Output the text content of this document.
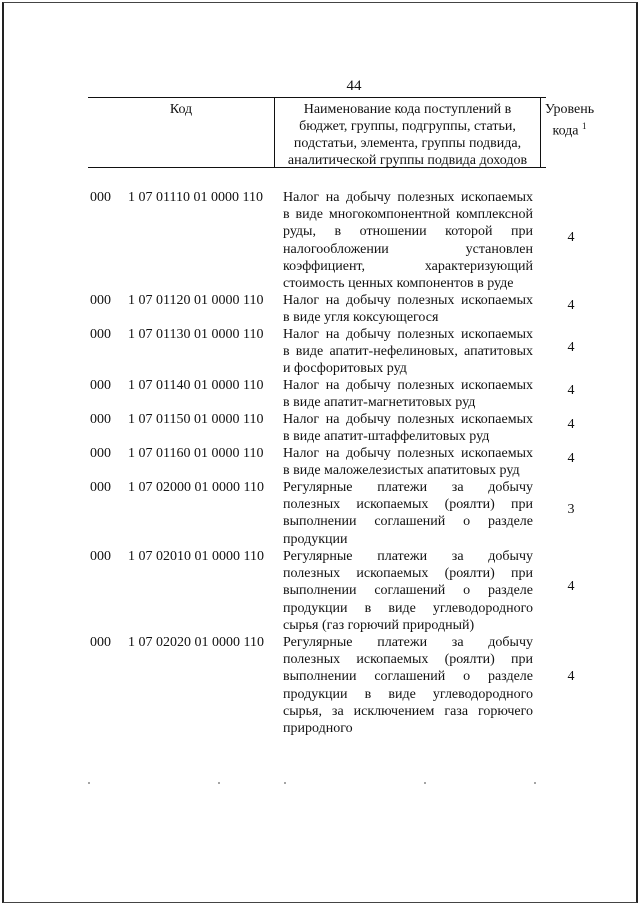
44
Код	Наименование кода поступлений в
бюджет, группы, подгруппы, статьи,
подстатьи, элемента, группы подвида,
аналитической группы подвида доходов
Уровень
кода $^1$
000 1 07 01110 01 0000 110 Налог на добычу полезных ископаемых
в виде многокомпонентной комплексной
руды, в отношении которой при
налогообложении установлен
коэффициент, характеризующий
стоимость ценных компонентов в руде
4
000 1 07 01120 01 0000 110 Налог на добычу полезных ископаемых
в виде угля коксующегося
4
000 1 07 01130 01 0000 110 Налог на добычу полезных ископаемых
в виде апатит-нефелиновых, апатитовых
и фосфоритовых руд
4
000 1 07 01140 01 0000 110 Налог на добычу полезных ископаемых
в виде апатит-магнетитовых руд
4
000 1 07 01150 01 0000 110 Налог на добычу полезных ископаемых
в виде апатит-штаффелитовых руд
4
000 1 07 01160 01 0000 110 Налог на добычу полезных ископаемых
в виде маложелезистых апатитовых руд
4
000 1 07 02000 01 0000 110 Регулярные платежи за добычу
полезных ископаемых (роялти) при
выполнении соглашений о разделе
продукции
3
000 1 07 02010 01 0000 110 Регулярные платежи за добычу
полезных ископаемых (роялти) при
выполнении соглашений о разделе
продукции в виде углеводородного
сырья (газ горючий природный)
4
000 1 07 02020 01 0000 110 Регулярные платежи за добычу
полезных ископаемых (роялти) при
выполнении соглашений о разделе
продукции в виде углеводородного
сырья, за исключением газа горючего
природного
4
